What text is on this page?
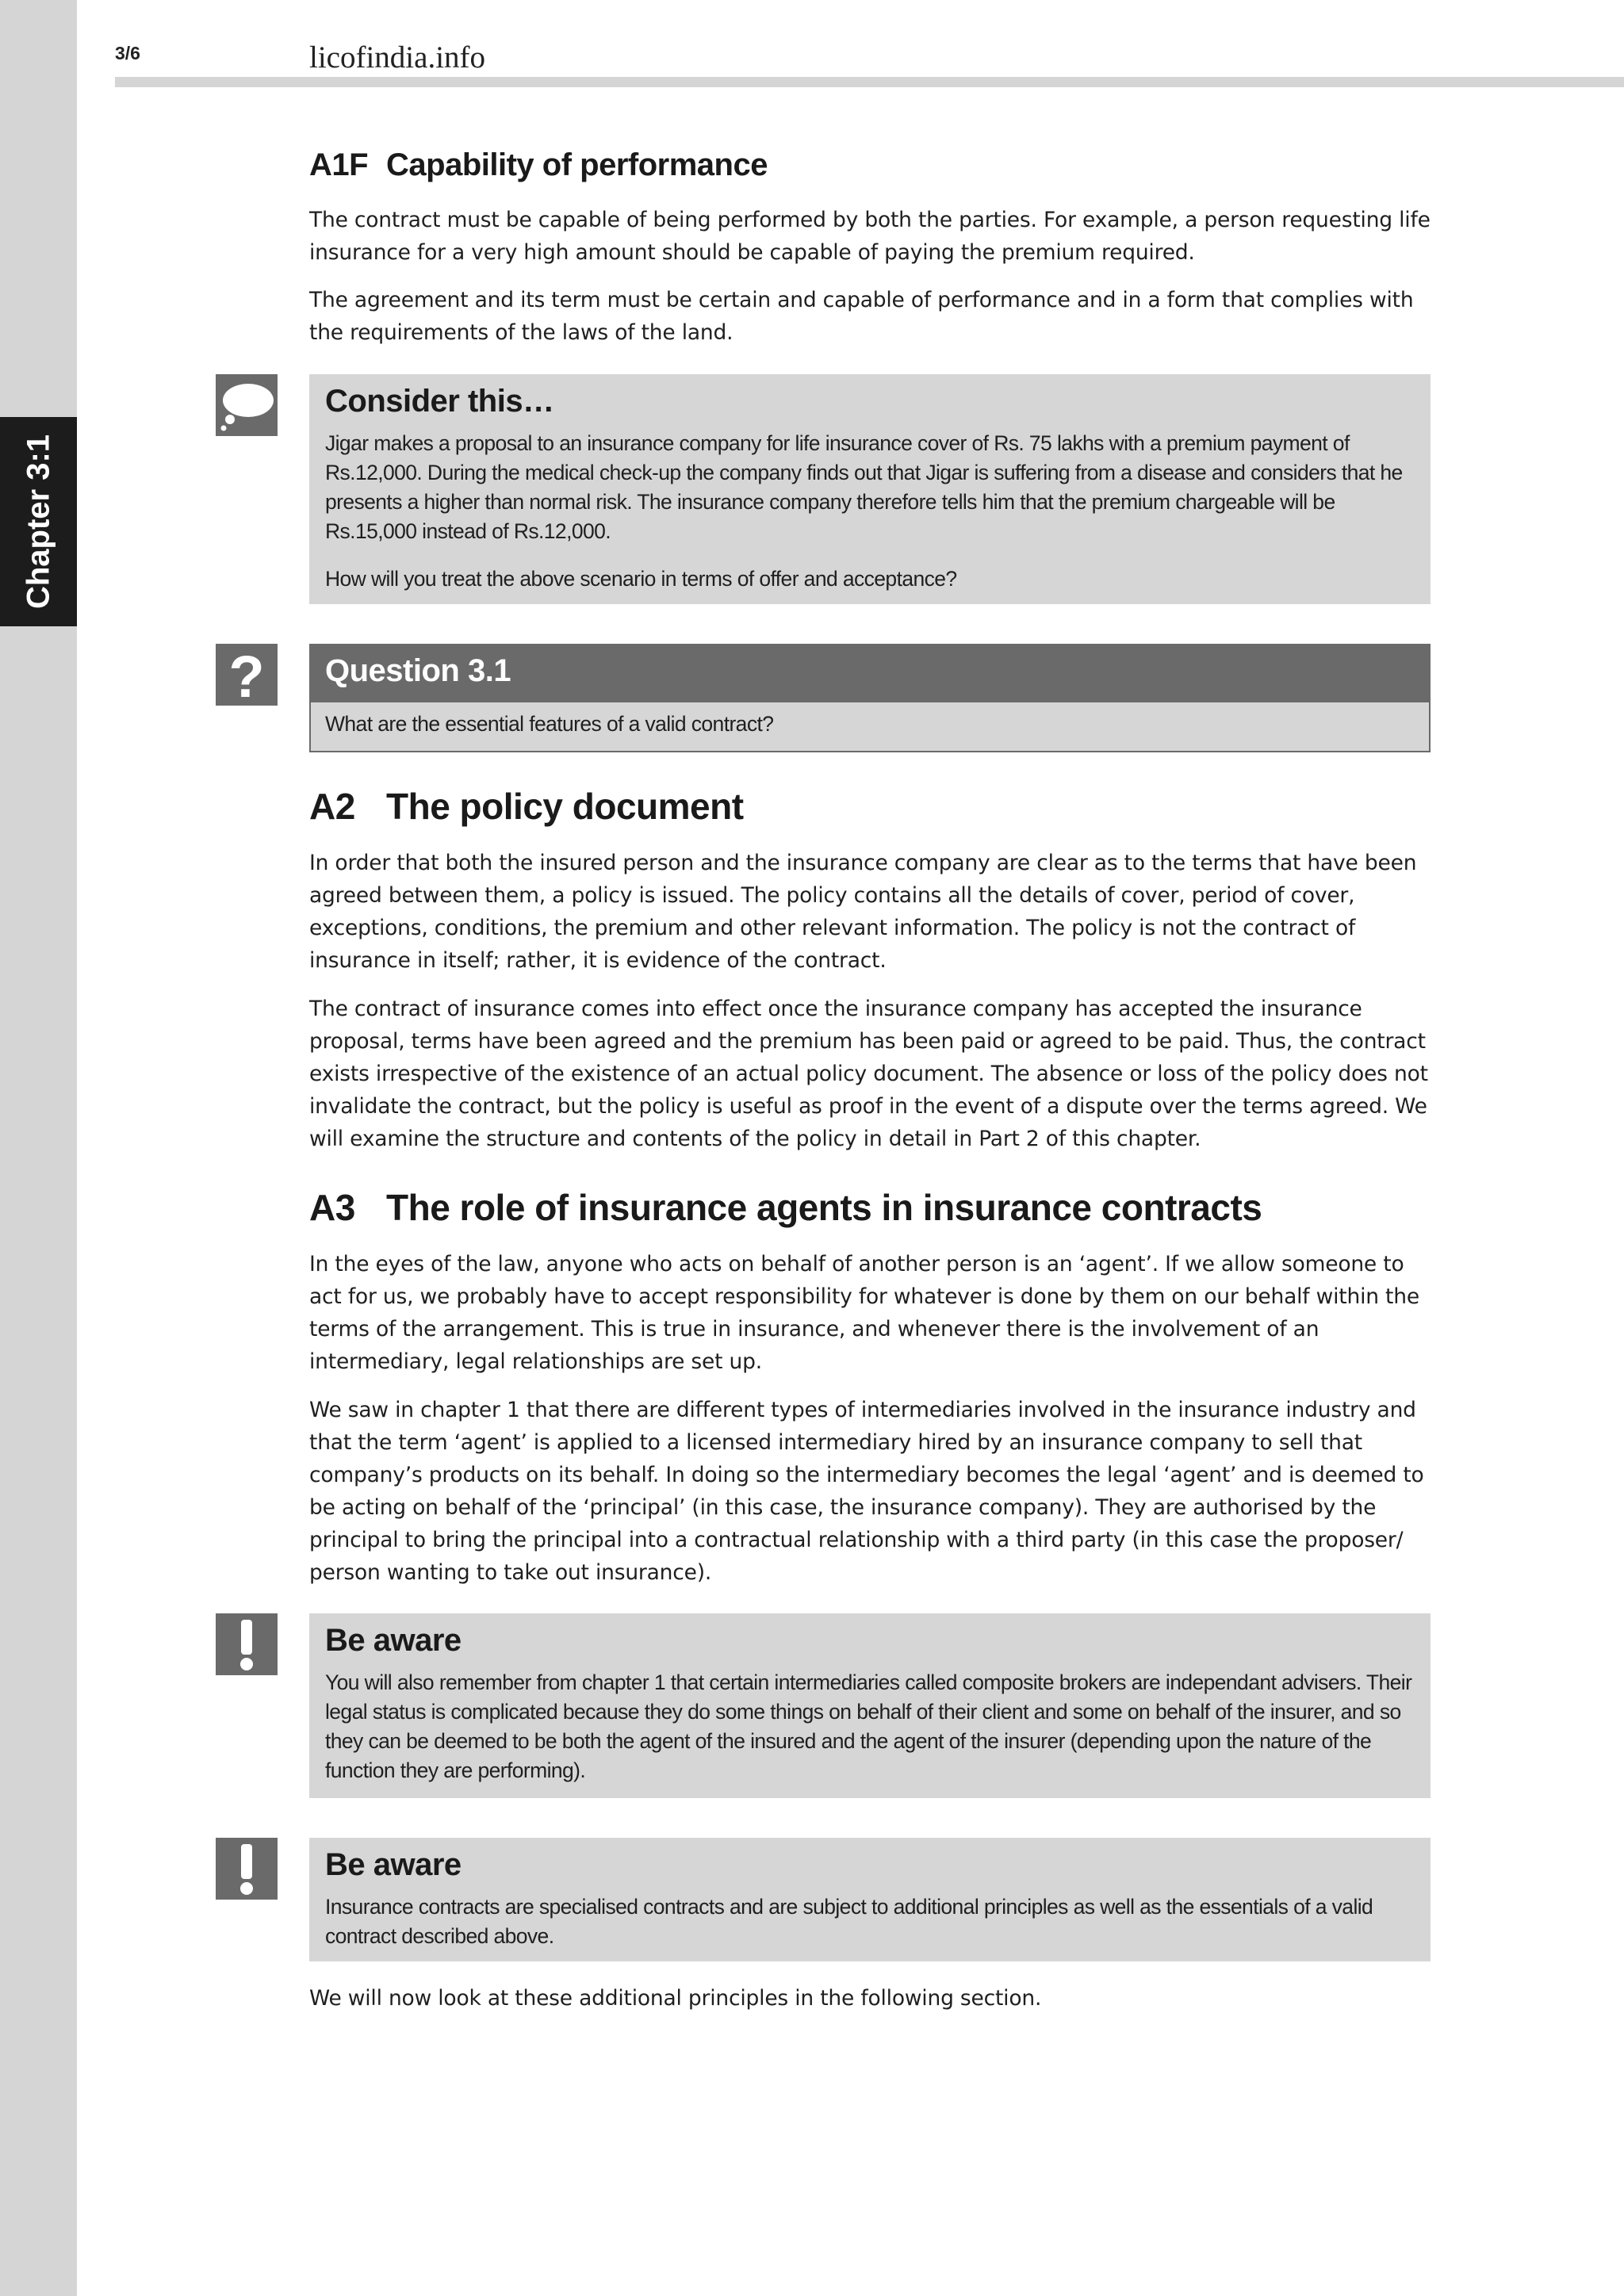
Chapter 3:1
3/6	licofindia.info
A1F Capability of performance

The contract must be capable of being performed by both the parties. For example, a person requesting life insurance for a very high amount should be capable of paying the premium required.

The agreement and its term must be certain and capable of performance and in a form that complies with the requirements of the laws of the land.

Consider this…

Jigar makes a proposal to an insurance company for life insurance cover of Rs. 75 lakhs with a premium payment of Rs.12,000. During the medical check-up the company finds out that Jigar is suffering from a disease and considers that he presents a higher than normal risk. The insurance company therefore tells him that the premium chargeable will be Rs.15,000 instead of Rs.12,000.

How will you treat the above scenario in terms of offer and acceptance?

? Question 3.1

What are the essential features of a valid contract?

A2 The policy document

In order that both the insured person and the insurance company are clear as to the terms that have been agreed between them, a policy is issued. The policy contains all the details of cover, period of cover, exceptions, conditions, the premium and other relevant information. The policy is not the contract of insurance in itself; rather, it is evidence of the contract.

The contract of insurance comes into effect once the insurance company has accepted the insurance proposal, terms have been agreed and the premium has been paid or agreed to be paid. Thus, the contract exists irrespective of the existence of an actual policy document. The absence or loss of the policy does not invalidate the contract, but the policy is useful as proof in the event of a dispute over the terms agreed. We will examine the structure and contents of the policy in detail in Part 2 of this chapter.

A3 The role of insurance agents in insurance contracts

In the eyes of the law, anyone who acts on behalf of another person is an ‘agent’. If we allow someone to act for us, we probably have to accept responsibility for whatever is done by them on our behalf within the terms of the arrangement. This is true in insurance, and whenever there is the involvement of an intermediary, legal relationships are set up.

We saw in chapter 1 that there are different types of intermediaries involved in the insurance industry and that the term ‘agent’ is applied to a licensed intermediary hired by an insurance company to sell that company’s products on its behalf. In doing so the intermediary becomes the legal ‘agent’ and is deemed to be acting on behalf of the ‘principal’ (in this case, the insurance company). They are authorised by the principal to bring the principal into a contractual relationship with a third party (in this case the proposer/ person wanting to take out insurance).

Be aware

You will also remember from chapter 1 that certain intermediaries called composite brokers are independant advisers. Their legal status is complicated because they do some things on behalf of their client and some on behalf of the insurer, and so they can be deemed to be both the agent of the insured and the agent of the insurer (depending upon the nature of the function they are performing).

Be aware

Insurance contracts are specialised contracts and are subject to additional principles as well as the essentials of a valid contract described above.

We will now look at these additional principles in the following section.
